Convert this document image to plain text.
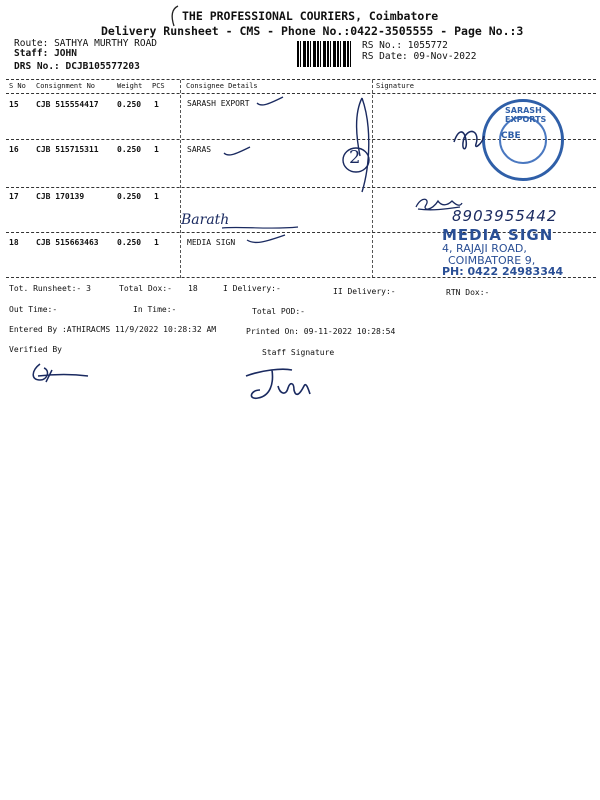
THE PROFESSIONAL COURIERS, Coimbatore
Delivery Runsheet - CMS - Phone No.:0422-3505555 - Page No.:3
Route: SATHYA MURTHY ROAD
Staff: JOHN
DRS No.: DCJB105577203
RS No.: 1055772
RS Date: 09-Nov-2022
S No Consignment No	Weight PCS	Consignee Details	Signature
15 CJB 515554417 0.250 1	SARASH EXPORT
16 CJB 515715311 0.250 1	SARAS
17 CJB 170139	0.250 1
18 CJB 515663463 0.250 1	MEDIA SIGN
2
SARASH EXPORTS
CBE
8903955442
Barath
MEDIA SIGN
4, RAJAJI ROAD,
COIMBATORE 9,
PH: 0422 24983344
Tot. Runsheet:- 3	Total Dox:- 18	I Delivery:-	II Delivery:-	RTN Dox:-
Out Time:-	In Time:-	Total POD:-
Entered By :ATHIRACMS 11/9/2022 10:28:32 AM	Printed On: 09-11-2022 10:28:54
Verified By	Staff Signature
